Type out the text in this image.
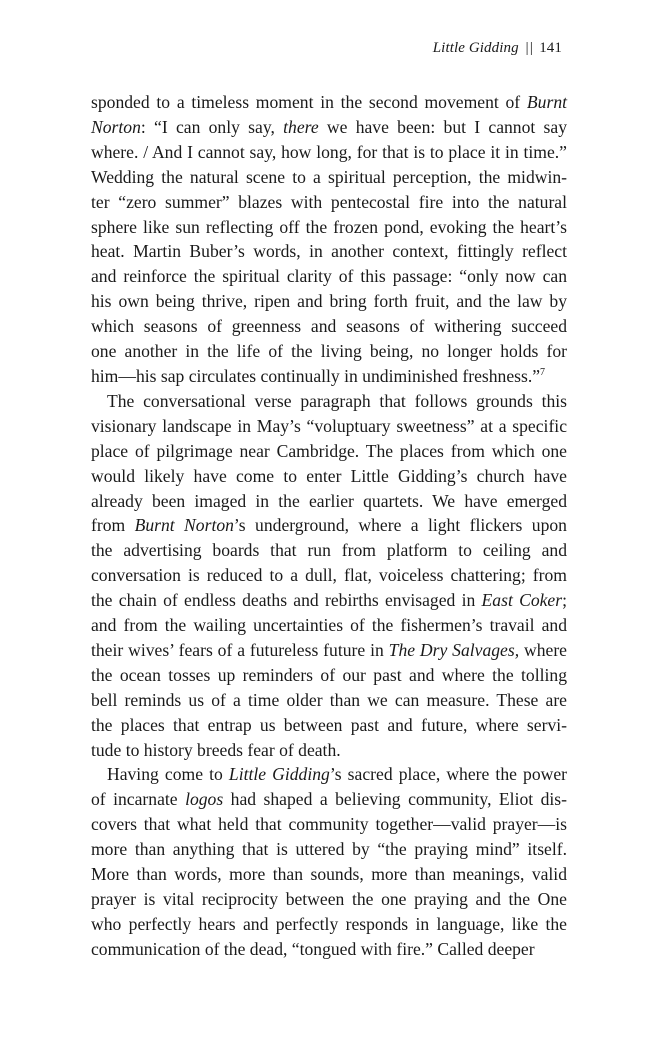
Little Gidding || 141

sponded to a timeless moment in the second movement of Burnt
Norton: “I can only say, there we have been: but I cannot say
where. / And I cannot say, how long, for that is to place it in time.”
Wedding the natural scene to a spiritual perception, the midwin-
ter “zero summer” blazes with pentecostal fire into the natural
sphere like sun reflecting off the frozen pond, evoking the heart’s
heat. Martin Buber’s words, in another context, fittingly reflect
and reinforce the spiritual clarity of this passage: “only now can
his own being thrive, ripen and bring forth fruit, and the law by
which seasons of greenness and seasons of withering succeed
one another in the life of the living being, no longer holds for
him—his sap circulates continually in undiminished freshness.”$^7$

The conversational verse paragraph that follows grounds this
visionary landscape in May’s “voluptuary sweetness” at a specific
place of pilgrimage near Cambridge. The places from which one
would likely have come to enter Little Gidding’s church have
already been imaged in the earlier quartets. We have emerged
from Burnt Norton’s underground, where a light flickers upon
the advertising boards that run from platform to ceiling and
conversation is reduced to a dull, flat, voiceless chattering; from
the chain of endless deaths and rebirths envisaged in East Coker;
and from the wailing uncertainties of the fishermen’s travail and
their wives’ fears of a futureless future in The Dry Salvages, where
the ocean tosses up reminders of our past and where the tolling
bell reminds us of a time older than we can measure. These are
the places that entrap us between past and future, where servi-
tude to history breeds fear of death.

Having come to Little Gidding’s sacred place, where the power
of incarnate logos had shaped a believing community, Eliot dis-
covers that what held that community together—valid prayer—is
more than anything that is uttered by “the praying mind” itself.
More than words, more than sounds, more than meanings, valid
prayer is vital reciprocity between the one praying and the One
who perfectly hears and perfectly responds in language, like the
communication of the dead, “tongued with fire.” Called deeper
